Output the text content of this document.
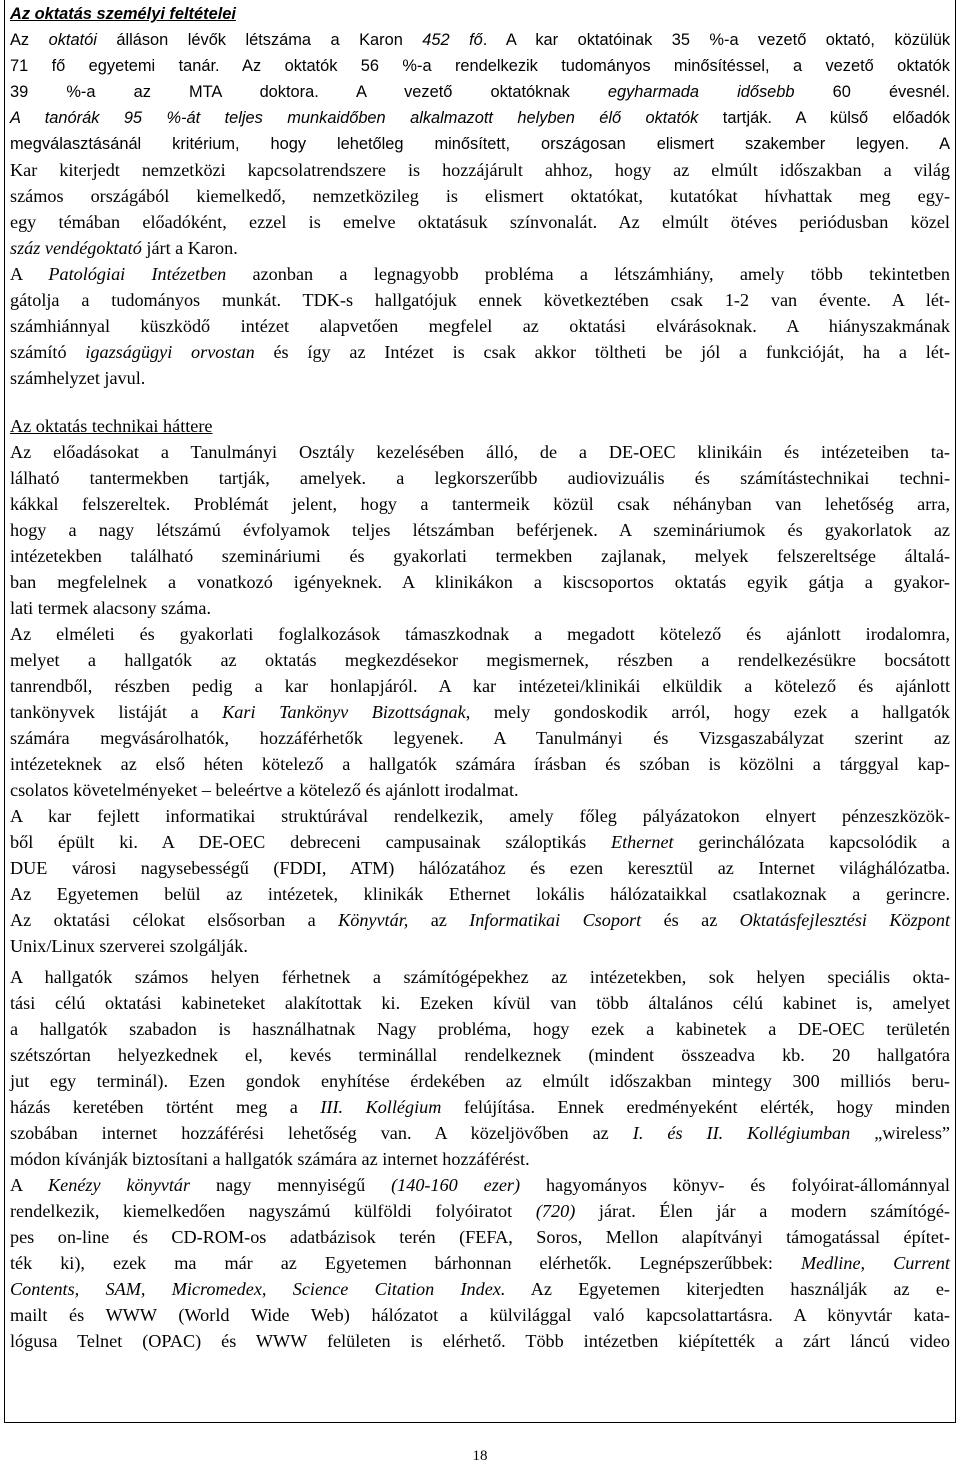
Az oktatás személyi feltételei
Az oktatói álláson lévők létszáma a Karon 452 fő. A kar oktatóinak 35 %-a vezető oktató, közülük
71 fő egyetemi tanár. Az oktatók 56 %-a rendelkezik tudományos minősítéssel, a vezető oktatók
39 %-a az MTA doktora. A vezető oktatóknak egyharmada idősebb 60 évesnél.
A tanórák 95 %-át teljes munkaidőben alkalmazott helyben élő oktatók tartják. A külső előadók
megválasztásánál kritérium, hogy lehetőleg minősített, országosan elismert szakember legyen. A
Kar kiterjedt nemzetközi kapcsolatrendszere is hozzájárult ahhoz, hogy az elmúlt időszakban a világ
számos országából kiemelkedő, nemzetközileg is elismert oktatókat, kutatókat hívhattak meg egy-
egy témában előadóként, ezzel is emelve oktatásuk színvonalát. Az elmúlt ötéves periódusban közel
száz vendégoktató járt a Karon.
A Patológiai Intézetben azonban a legnagyobb probléma a létszámhiány, amely több tekintetben
gátolja a tudományos munkát. TDK-s hallgatójuk ennek következtében csak 1-2 van évente. A lét-
számhiánnyal küszködő intézet alapvetően megfelel az oktatási elvárásoknak. A hiányszakmának
számító igazságügyi orvostan és így az Intézet is csak akkor töltheti be jól a funkcióját, ha a lét-
számhelyzet javul.
Az oktatás technikai háttere
Az előadásokat a Tanulmányi Osztály kezelésében álló, de a DE-OEC klinikáin és intézeteiben ta-
lálható tantermekben tartják, amelyek. a legkorszerűbb audiovizuális és számítástechnikai techni-
kákkal felszereltek. Problémát jelent, hogy a tantermeik közül csak néhányban van lehetőség arra,
hogy a nagy létszámú évfolyamok teljes létszámban beférjenek. A szemináriumok és gyakorlatok az
intézetekben található szemináriumi és gyakorlati termekben zajlanak, melyek felszereltsége általá-
ban megfelelnek a vonatkozó igényeknek. A klinikákon a kiscsoportos oktatás egyik gátja a gyakor-
lati termek alacsony száma.
Az elméleti és gyakorlati foglalkozások támaszkodnak a megadott kötelező és ajánlott irodalomra,
melyet a hallgatók az oktatás megkezdésekor megismernek, részben a rendelkezésükre bocsátott
tanrendből, részben pedig a kar honlapjáról. A kar intézetei/klinikái elküldik a kötelező és ajánlott
tankönyvek listáját a Kari Tankönyv Bizottságnak, mely gondoskodik arról, hogy ezek a hallgatók
számára megvásárolhatók, hozzáférhetők legyenek. A Tanulmányi és Vizsgaszabályzat szerint az
intézeteknek az első héten kötelező a hallgatók számára írásban és szóban is közölni a tárggyal kap-
csolatos követelményeket – beleértve a kötelező és ajánlott irodalmat.
A kar fejlett informatikai struktúrával rendelkezik, amely főleg pályázatokon elnyert pénzeszközök-
ből épült ki. A DE-OEC debreceni campusainak száloptikás Ethernet gerinchálózata kapcsolódik a
DUE városi nagysebességű (FDDI, ATM) hálózatához és ezen keresztül az Internet világhálózatba.
Az Egyetemen belül az intézetek, klinikák Ethernet lokális hálózataikkal csatlakoznak a gerincre.
Az oktatási célokat elsősorban a Könyvtár, az Informatikai Csoport és az Oktatásfejlesztési Központ
Unix/Linux szerverei szolgálják.
A hallgatók számos helyen férhetnek a számítógépekhez az intézetekben, sok helyen speciális okta-
tási célú oktatási kabineteket alakítottak ki. Ezeken kívül van több általános célú kabinet is, amelyet
a hallgatók szabadon is használhatnak Nagy probléma, hogy ezek a kabinetek a DE-OEC területén
szétszórtan helyezkednek el, kevés terminállal rendelkeznek (mindent összeadva kb. 20 hallgatóra
jut egy terminál). Ezen gondok enyhítése érdekében az elmúlt időszakban mintegy 300 milliós beru-
házás keretében történt meg a III. Kollégium felújítása. Ennek eredményeként elérték, hogy minden
szobában internet hozzáférési lehetőség van. A közeljövőben az I. és II. Kollégiumban „wireless”
módon kívánják biztosítani a hallgatók számára az internet hozzáférést.
A Kenézy könyvtár nagy mennyiségű (140-160 ezer) hagyományos könyv- és folyóirat-állománnyal
rendelkezik, kiemelkedően nagyszámú külföldi folyóiratot (720) járat. Élen jár a modern számítógé-
pes on-line és CD-ROM-os adatbázisok terén (FEFA, Soros, Mellon alapítványi támogatással építet-
ték ki), ezek ma már az Egyetemen bárhonnan elérhetők. Legnépszerűbbek: Medline, Current
Contents, SAM, Micromedex, Science Citation Index. Az Egyetemen kiterjedten használják az e-
mailt és WWW (World Wide Web) hálózatot a külvilággal való kapcsolattartásra. A könyvtár kata-
lógusa Telnet (OPAC) és WWW felületen is elérhető. Több intézetben kiépítették a zárt láncú video
18
